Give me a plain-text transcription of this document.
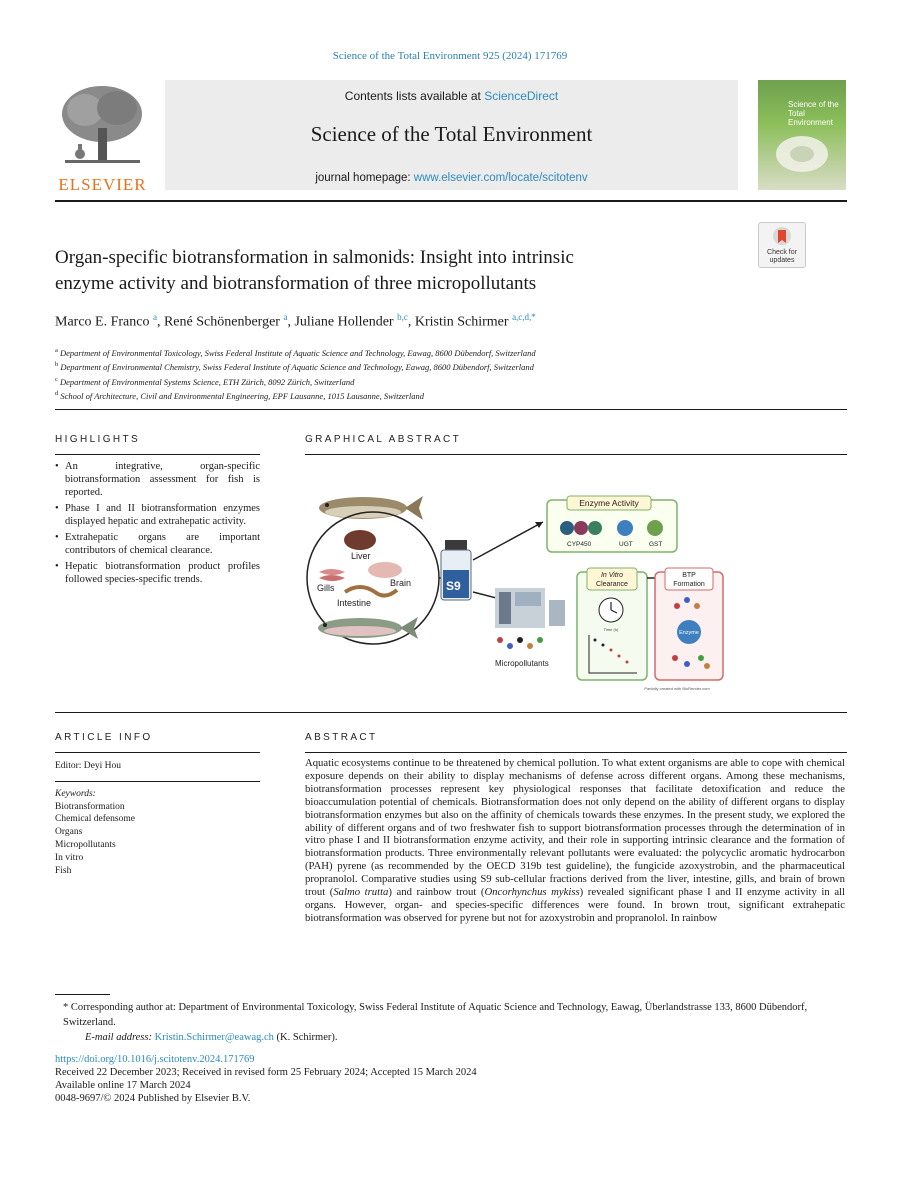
Science of the Total Environment 925 (2024) 171769
ELSEVIER
Contents lists available at ScienceDirect
Science of the Total Environment
journal homepage: www.elsevier.com/locate/scitotenv
Science of the Total Environment
Check for updates
Organ-specific biotransformation in salmonids: Insight into intrinsic
enzyme activity and biotransformation of three micropollutants
Marco E. Franco $^a$, René Schönenberger $^a$, Juliane Hollender $^{b,c}$, Kristin Schirmer $^{a,c,d,*}$
$^a$ Department of Environmental Toxicology, Swiss Federal Institute of Aquatic Science and Technology, Eawag, 8600 Dübendorf, Switzerland
$^b$ Department of Environmental Chemistry, Swiss Federal Institute of Aquatic Science and Technology, Eawag, 8600 Dübendorf, Switzerland
$^c$ Department of Environmental Systems Science, ETH Zürich, 8092 Zürich, Switzerland
$^d$ School of Architecture, Civil and Environmental Engineering, EPF Lausanne, 1015 Lausanne, Switzerland
HIGHLIGHTS
• An integrative, organ-specific biotransformation assessment for fish is reported.
• Phase I and II biotransformation enzymes displayed hepatic and extrahepatic activity.
• Extrahepatic organs are important contributors of chemical clearance.
• Hepatic biotransformation product profiles followed species-specific trends.
GRAPHICAL ABSTRACT
Liver
Gills	Brain
Intestine
S9
Enzyme Activity
CYP450	UGT	GST
Micropollutants
In Vitro
Clearance
Time (h)
BTP
Formation
Enzyme
Partially created with BioRender.com
ARTICLE INFO
Editor: Deyi Hou
Keywords:
Biotransformation
Chemical defensome
Organs
Micropollutants
In vitro
Fish
ABSTRACT
Aquatic ecosystems continue to be threatened by chemical pollution. To what extent organisms are able to cope with chemical exposure depends on their ability to display mechanisms of defense across different organs. Among these mechanisms, biotransformation processes represent key physiological responses that facilitate detoxification and reduce the bioaccumulation potential of chemicals. Biotransformation does not only depend on the ability of different organs to display biotransformation enzymes but also on the affinity of chemicals towards these enzymes. In the present study, we explored the ability of different organs and of two freshwater fish to support biotransformation processes through the determination of in vitro phase I and II biotransformation enzyme activity, and their role in supporting intrinsic clearance and the formation of biotransformation products. Three environmentally relevant pollutants were evaluated: the polycyclic aromatic hydrocarbon (PAH) pyrene (as recommended by the OECD 319b test guideline), the fungicide azoxystrobin, and the pharmaceutical propranolol. Comparative studies using S9 sub-cellular fractions derived from the liver, intestine, gills, and brain of brown trout (Salmo trutta) and rainbow trout (Oncorhynchus mykiss) revealed significant phase I and II enzyme activity in all organs. However, organ- and species-specific differences were found. In brown trout, significant extrahepatic biotransformation was observed for pyrene but not for azoxystrobin and propranolol. In rainbow
* Corresponding author at: Department of Environmental Toxicology, Swiss Federal Institute of Aquatic Science and Technology, Eawag, Überlandstrasse 133, 8600 Dübendorf, Switzerland.
E-mail address: Kristin.Schirmer@eawag.ch (K. Schirmer).
https://doi.org/10.1016/j.scitotenv.2024.171769
Received 22 December 2023; Received in revised form 25 February 2024; Accepted 15 March 2024
Available online 17 March 2024
0048-9697/© 2024 Published by Elsevier B.V.
